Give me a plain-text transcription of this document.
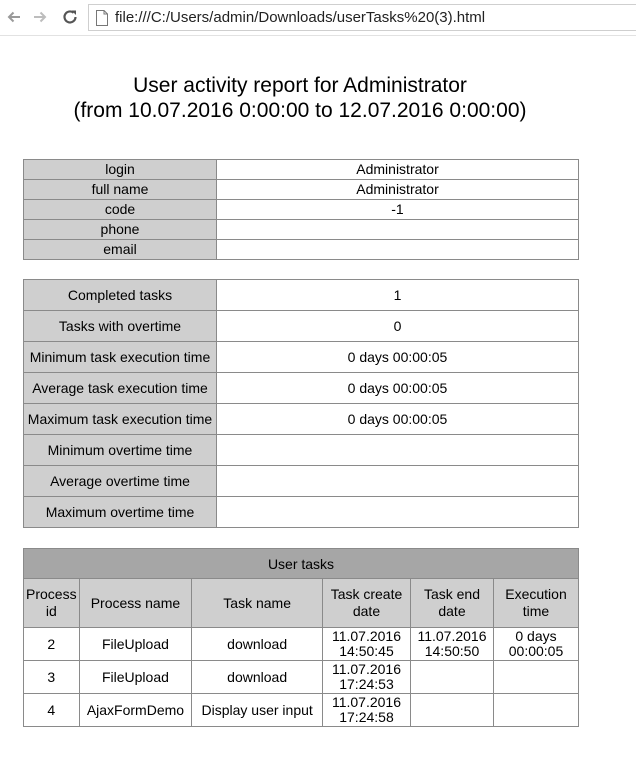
file:///C:/Users/admin/Downloads/userTasks%20(3).html
User activity report for Administrator
(from 10.07.2016 0:00:00 to 12.07.2016 0:00:00)
login	Administrator
full name	Administrator
code	-1
phone	
email	
Completed tasks	1
Tasks with overtime	0
Minimum task execution time	0 days 00:00:05
Average task execution time	0 days 00:00:05
Maximum task execution time	0 days 00:00:05
Minimum overtime time	
Average overtime time	
Maximum overtime time	
User tasks					
Process id	Process name	Task name	Task create date	Task end date	Execution time
2	FileUpload	download	11.07.2016 14:50:45	11.07.2016 14:50:50	0 days 00:00:05
3	FileUpload	download	11.07.2016 17:24:53		
4	AjaxFormDemo	Display user input	11.07.2016 17:24:58		
